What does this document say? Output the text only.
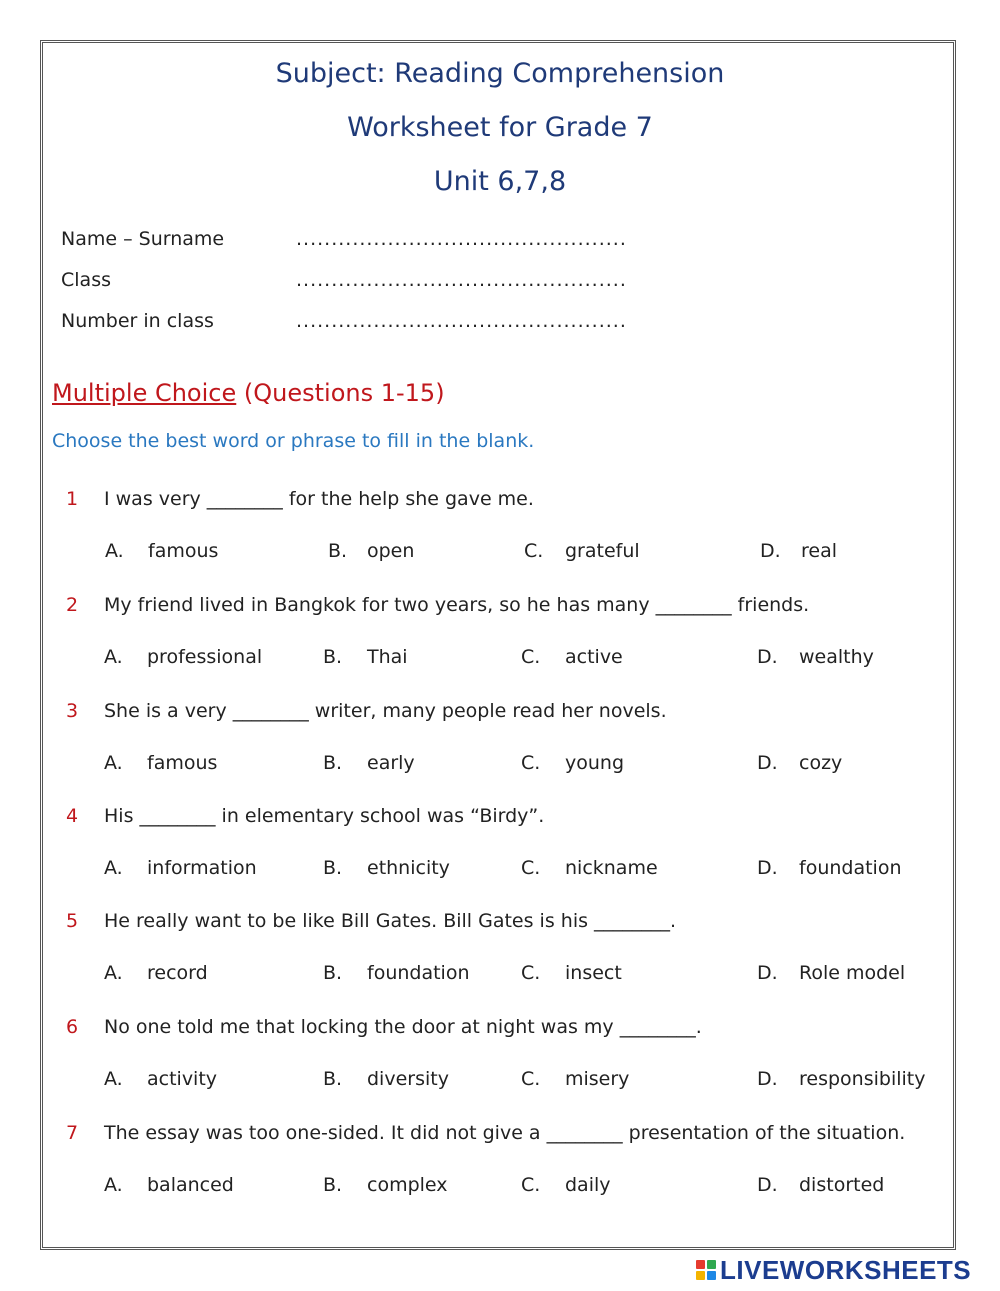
Subject: Reading Comprehension
Worksheet for Grade 7
Unit 6,7,8
Name – Surname	...............................................
Class	...............................................
Number in class	...............................................
Multiple Choice (Questions 1-15)
Choose the best word or phrase to fill in the blank.
1	I was very ________ for the help she gave me.
A. famous	B. open	C. grateful	D. real
2	My friend lived in Bangkok for two years, so he has many ________ friends.
A. professional	B. Thai	C. active	D. wealthy
3	She is a very ________ writer, many people read her novels.
A. famous	B. early	C. young	D. cozy
4	His ________ in elementary school was “Birdy”.
A. information	B. ethnicity	C. nickname	D. foundation
5	He really want to be like Bill Gates. Bill Gates is his ________.
A. record	B. foundation	C. insect	D. Role model
6	No one told me that locking the door at night was my ________.
A. activity	B. diversity	C. misery	D. responsibility
7	The essay was too one-sided. It did not give a ________ presentation of the situation.
A. balanced	B. complex	C. daily	D. distorted
LIVEWORKSHEETS
